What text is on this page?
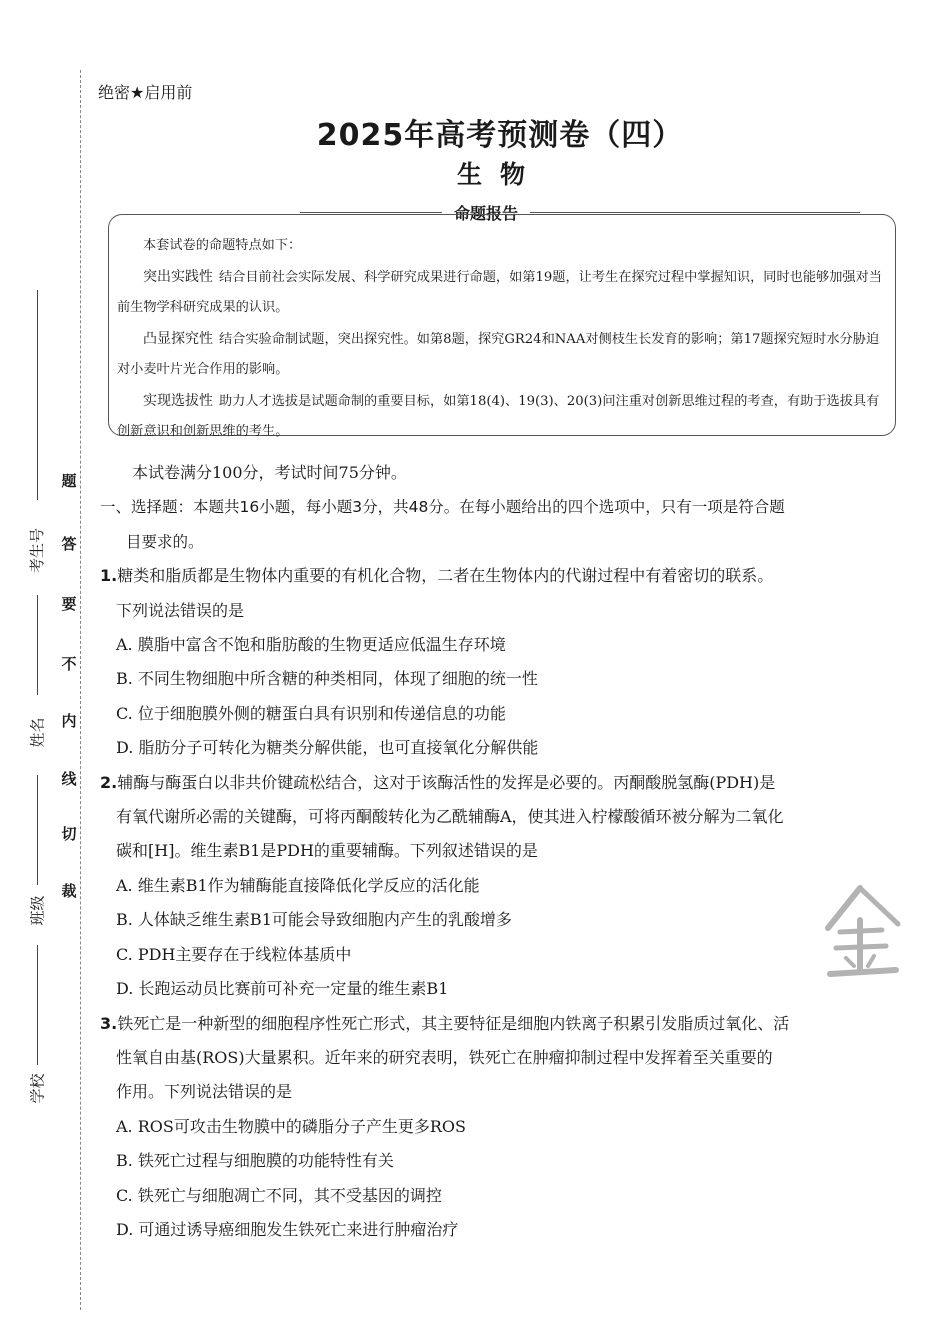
考生号
姓名
班级
学校
题
答
要
不
内
线
切
裁
绝密★启用前
2025年高考预测卷（四）
生物
命题报告

本套试卷的命题特点如下：

突出实践性 结合目前社会实际发展、科学研究成果进行命题，如第19题，让考生在探究过程中掌握知识，同时也能够加强对当前生物学科研究成果的认识。

凸显探究性 结合实验命制试题，突出探究性。如第8题，探究GR24和NAA对侧枝生长发育的影响；第17题探究短时水分胁迫对小麦叶片光合作用的影响。

实现选拔性 助力人才选拔是试题命制的重要目标，如第18(4)、19(3)、20(3)问注重对创新思维过程的考查，有助于选拔具有创新意识和创新思维的考生。

本试卷满分100分，考试时间75分钟。

一、选择题：本题共16小题，每小题3分，共48分。在每小题给出的四个选项中，只有一项是符合题

目要求的。

1.糖类和脂质都是生物体内重要的有机化合物，二者在生物体内的代谢过程中有着密切的联系。

下列说法错误的是

A. 膜脂中富含不饱和脂肪酸的生物更适应低温生存环境

B. 不同生物细胞中所含糖的种类相同，体现了细胞的统一性

C. 位于细胞膜外侧的糖蛋白具有识别和传递信息的功能

D. 脂肪分子可转化为糖类分解供能，也可直接氧化分解供能

2.辅酶与酶蛋白以非共价键疏松结合，这对于该酶活性的发挥是必要的。丙酮酸脱氢酶(PDH)是

有氧代谢所必需的关键酶，可将丙酮酸转化为乙酰辅酶A，使其进入柠檬酸循环被分解为二氧化

碳和[H]。维生素B1是PDH的重要辅酶。下列叙述错误的是

A. 维生素B1作为辅酶能直接降低化学反应的活化能

B. 人体缺乏维生素B1可能会导致细胞内产生的乳酸增多

C. PDH主要存在于线粒体基质中

D. 长跑运动员比赛前可补充一定量的维生素B1

3.铁死亡是一种新型的细胞程序性死亡形式，其主要特征是细胞内铁离子积累引发脂质过氧化、活

性氧自由基(ROS)大量累积。近年来的研究表明，铁死亡在肿瘤抑制过程中发挥着至关重要的

作用。下列说法错误的是

A. ROS可攻击生物膜中的磷脂分子产生更多ROS

B. 铁死亡过程与细胞膜的功能特性有关

C. 铁死亡与细胞凋亡不同，其不受基因的调控

D. 可通过诱导癌细胞发生铁死亡来进行肿瘤治疗
